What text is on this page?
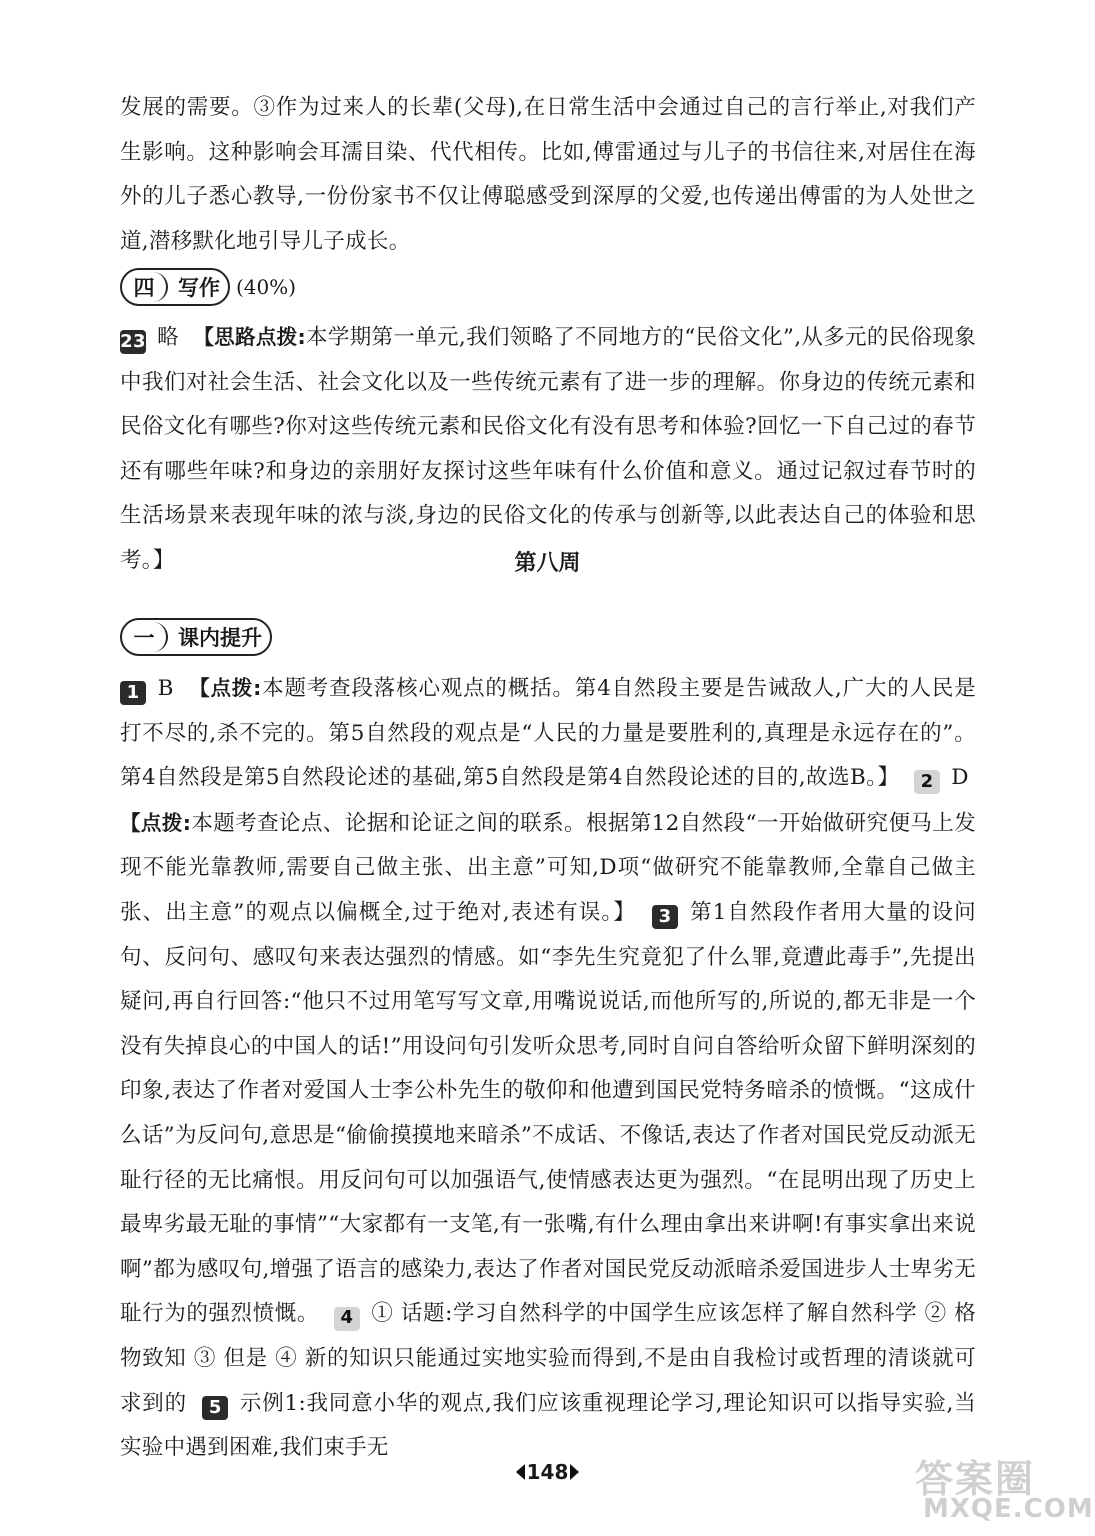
发展的需要。③作为过来人的长辈(父母),在日常生活中会通过自己的言行举止,对我们产生影响。这种影响会耳濡目染、代代相传。比如,傅雷通过与儿子的书信往来,对居住在海外的儿子悉心教导,一份份家书不仅让傅聪感受到深厚的父爱,也传递出傅雷的为人处世之道,潜移默化地引导儿子成长。

四	写作 (40%)

23 略 【思路点拨:本学期第一单元,我们领略了不同地方的“民俗文化”,从多元的民俗现象中我们对社会生活、社会文化以及一些传统元素有了进一步的理解。你身边的传统元素和民俗文化有哪些?你对这些传统元素和民俗文化有没有思考和体验?回忆一下自己过的春节还有哪些年味?和身边的亲朋好友探讨这些年味有什么价值和意义。通过记叙过春节时的生活场景来表现年味的浓与淡,身边的民俗文化的传承与创新等,以此表达自己的体验和思考。】	第八周
一	课内提升

1 B 【点拨:本题考查段落核心观点的概括。第4自然段主要是告诫敌人,广大的人民是打不尽的,杀不完的。第5自然段的观点是“人民的力量是要胜利的,真理是永远存在的”。第4自然段是第5自然段论述的基础,第5自然段是第4自然段论述的目的,故选B。】 2 D  【点拨:本题考查论点、论据和论证之间的联系。根据第12自然段“一开始做研究便马上发现不能光靠教师,需要自己做主张、出主意”可知,D项“做研究不能靠教师,全靠自己做主张、出主意”的观点以偏概全,过于绝对,表述有误。】 3 第1自然段作者用大量的设问句、反问句、感叹句来表达强烈的情感。如“李先生究竟犯了什么罪,竟遭此毒手”,先提出疑问,再自行回答:“他只不过用笔写写文章,用嘴说说话,而他所写的,所说的,都无非是一个没有失掉良心的中国人的话!”用设问句引发听众思考,同时自问自答给听众留下鲜明深刻的印象,表达了作者对爱国人士李公朴先生的敬仰和他遭到国民党特务暗杀的愤慨。“这成什么话”为反问句,意思是“偷偷摸摸地来暗杀”不成话、不像话,表达了作者对国民党反动派无耻行径的无比痛恨。用反问句可以加强语气,使情感表达更为强烈。“在昆明出现了历史上最卑劣最无耻的事情”“大家都有一支笔,有一张嘴,有什么理由拿出来讲啊!有事实拿出来说啊”都为感叹句,增强了语言的感染力,表达了作者对国民党反动派暗杀爱国进步人士卑劣无耻行为的强烈愤慨。 4 ① 话题:学习自然科学的中国学生应该怎样了解自然科学 ② 格物致知 ③ 但是 ④ 新的知识只能通过实地实验而得到,不是由自我检讨或哲理的清谈就可求到的 5 示例1:我同意小华的观点,我们应该重视理论学习,理论知识可以指导实验,当实验中遇到困难,我们束手无

148	答案圈
MXQE.COM
